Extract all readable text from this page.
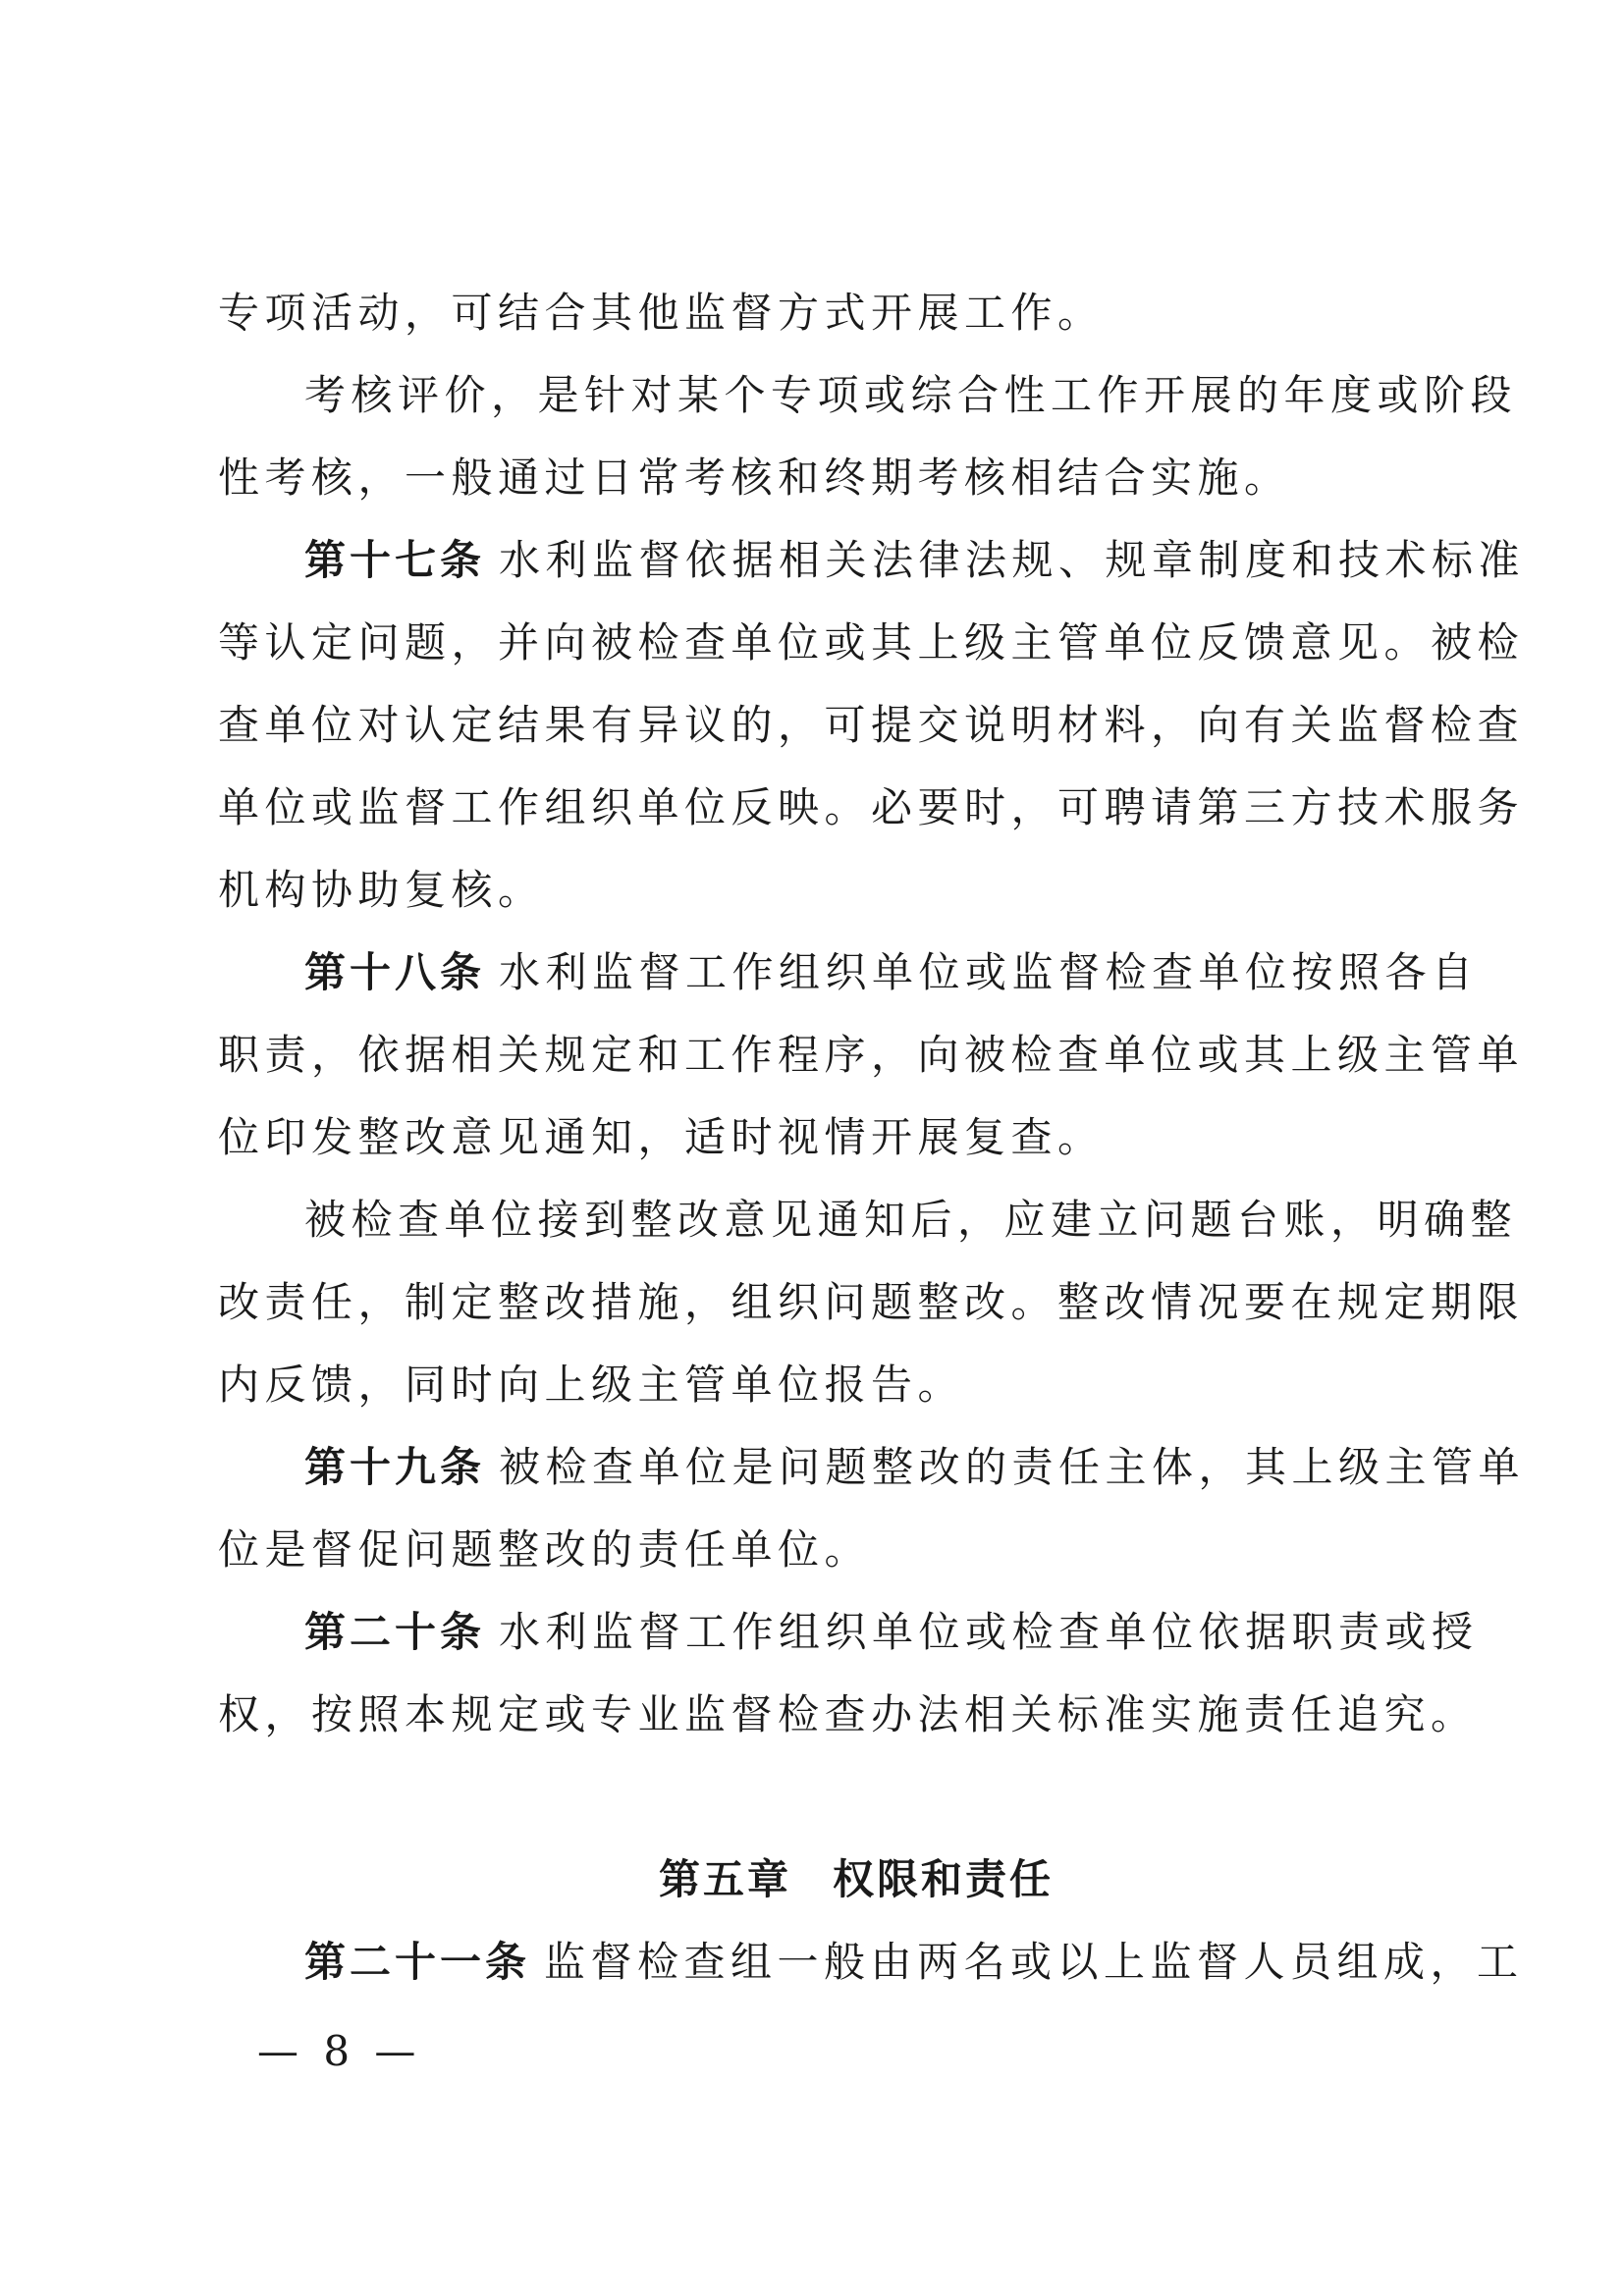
专项活动，可结合其他监督方式开展工作。
考核评价，是针对某个专项或综合性工作开展的年度或阶段
性考核，一般通过日常考核和终期考核相结合实施。
第十七条 水利监督依据相关法律法规、规章制度和技术标准
等认定问题，并向被检查单位或其上级主管单位反馈意见。被检
查单位对认定结果有异议的，可提交说明材料，向有关监督检查
单位或监督工作组织单位反映。必要时，可聘请第三方技术服务
机构协助复核。
第十八条 水利监督工作组织单位或监督检查单位按照各自
职责，依据相关规定和工作程序，向被检查单位或其上级主管单
位印发整改意见通知，适时视情开展复查。
被检查单位接到整改意见通知后，应建立问题台账，明确整
改责任，制定整改措施，组织问题整改。整改情况要在规定期限
内反馈，同时向上级主管单位报告。
第十九条 被检查单位是问题整改的责任主体，其上级主管单
位是督促问题整改的责任单位。
第二十条 水利监督工作组织单位或检查单位依据职责或授
权，按照本规定或专业监督检查办法相关标准实施责任追究。
第五章 权限和责任
第二十一条 监督检查组一般由两名或以上监督人员组成，工
— 8 —
